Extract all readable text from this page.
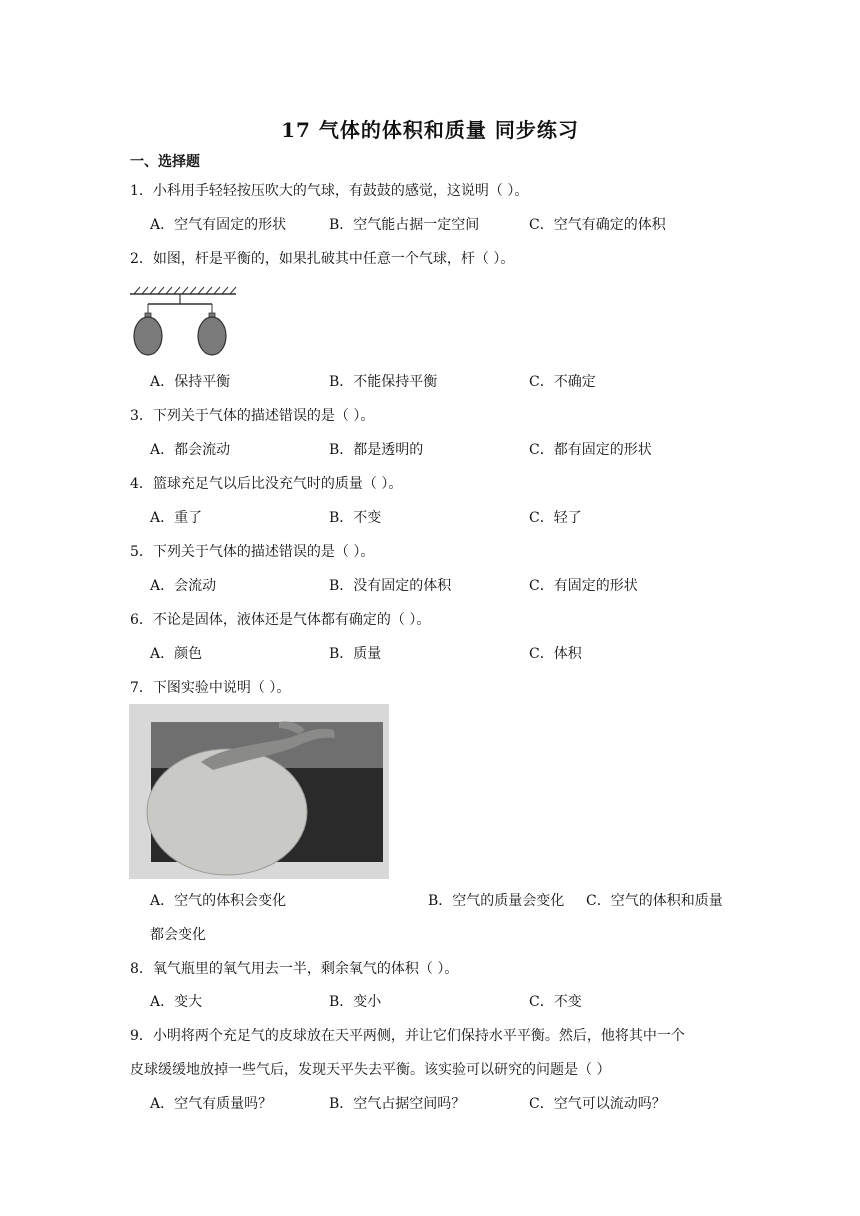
17 气体的体积和质量 同步练习
一、选择题
1．小科用手轻轻按压吹大的气球，有鼓鼓的感觉，这说明（ ）。
A．空气有固定的形状	B．空气能占据一定空间	C．空气有确定的体积
2．如图，杆是平衡的，如果扎破其中任意一个气球，杆（ ）。
A．保持平衡	B．不能保持平衡	C．不确定
3．下列关于气体的描述错误的是（ ）。
A．都会流动	B．都是透明的	C．都有固定的形状
4．篮球充足气以后比没充气时的质量（ ）。
A．重了	B．不变	C．轻了
5．下列关于气体的描述错误的是（ ）。
A．会流动	B．没有固定的体积	C．有固定的形状
6．不论是固体，液体还是气体都有确定的（ ）。
A．颜色	B．质量	C．体积
7．下图实验中说明（ ）。
A．空气的体积会变化	B．空气的质量会变化 C．空气的体积和质量
都会变化
8．氧气瓶里的氧气用去一半，剩余氧气的体积（ ）。
A．变大	B．变小	C．不变
9．小明将两个充足气的皮球放在天平两侧，并让它们保持水平平衡。然后，他将其中一个
皮球缓缓地放掉一些气后，发现天平失去平衡。该实验可以研究的问题是（ ）
A．空气有质量吗？	B．空气占据空间吗？	C．空气可以流动吗？
